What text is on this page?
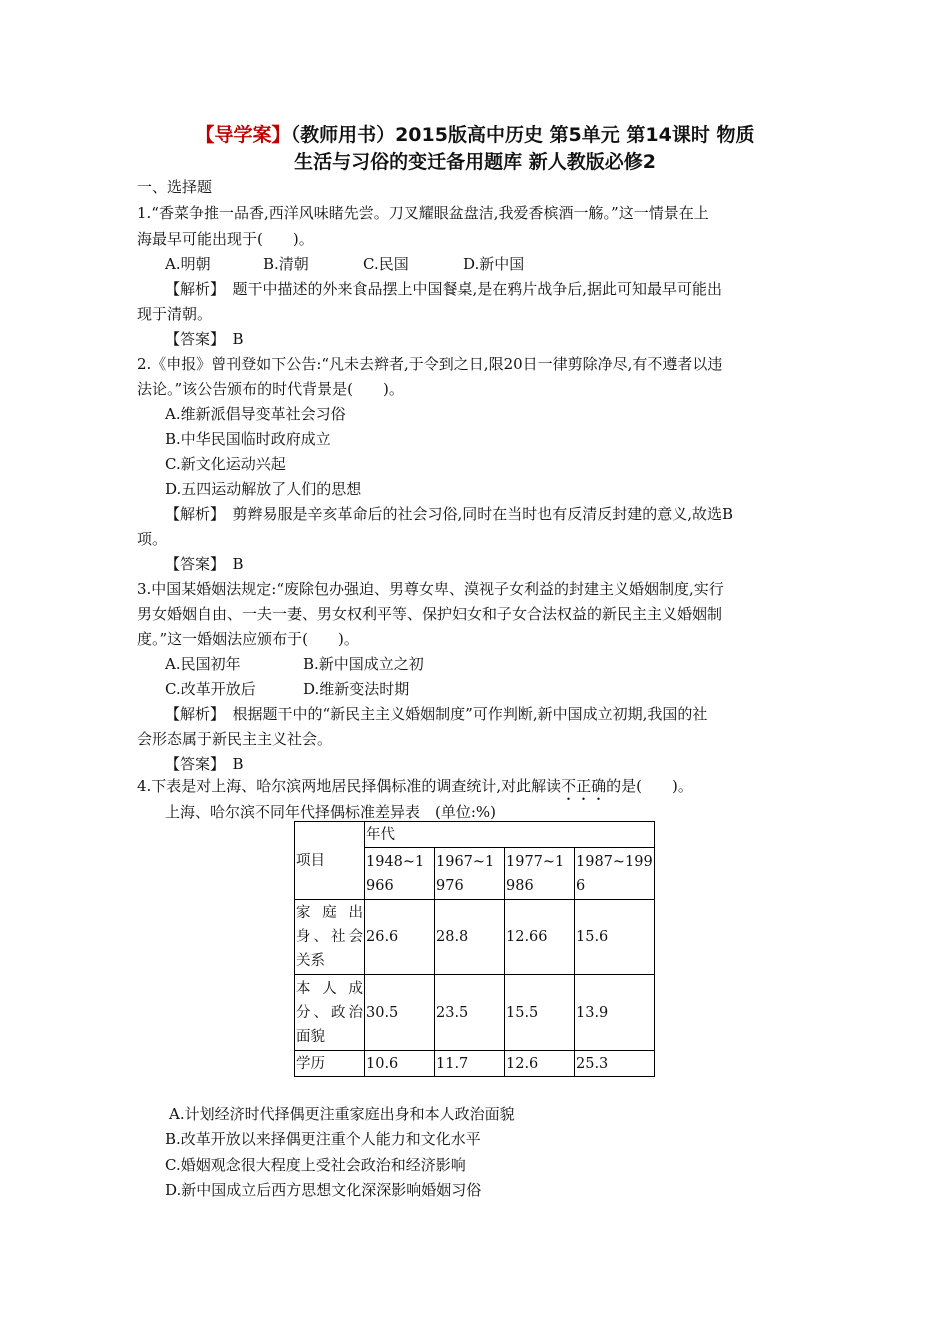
【导学案】（教师用书）2015版高中历史 第5单元 第14课时 物质
生活与习俗的变迁备用题库 新人教版必修2
一、选择题
1.“香菜争推一品香,西洋风味睹先尝。刀叉耀眼盆盘洁,我爱香槟酒一觞。”这一情景在上
海最早可能出现于(　　)。
A.明朝	B.清朝	C.民国	D.新中国
【解析】　题干中描述的外来食品摆上中国餐桌,是在鸦片战争后,据此可知最早可能出
现于清朝。
【答案】　B
2.《申报》曾刊登如下公告:“凡未去辫者,于令到之日,限20日一律剪除净尽,有不遵者以违
法论。”该公告颁布的时代背景是(　　)。
A.维新派倡导变革社会习俗
B.中华民国临时政府成立
C.新文化运动兴起
D.五四运动解放了人们的思想
【解析】　剪辫易服是辛亥革命后的社会习俗,同时在当时也有反清反封建的意义,故选B
项。
【答案】　B
3.中国某婚姻法规定:“废除包办强迫、男尊女卑、漠视子女利益的封建主义婚姻制度,实行
男女婚姻自由、一夫一妻、男女权利平等、保护妇女和子女合法权益的新民主主义婚姻制
度。”这一婚姻法应颁布于(　　)。
A.民国初年	B.新中国成立之初
C.改革开放后	D.维新变法时期
【解析】　根据题干中的“新民主主义婚姻制度”可作判断,新中国成立初期,我国的社
会形态属于新民主主义社会。
【答案】　B
4.下表是对上海、哈尔滨两地居民择偶标准的调查统计,对此解读不正确的是(　　)。
上海、哈尔滨不同年代择偶标准差异表　(单位:%)
项目	年代			
	1948~1966	1967~1976	1977~1986	1987~1996
家庭出身、社会关系	26.6	28.8	12.66	15.6
本人成分、政治面貌	30.5	23.5	15.5	13.9
学历	10.6	11.7	12.6	25.3
A.计划经济时代择偶更注重家庭出身和本人政治面貌
B.改革开放以来择偶更注重个人能力和文化水平
C.婚姻观念很大程度上受社会政治和经济影响
D.新中国成立后西方思想文化深深影响婚姻习俗
